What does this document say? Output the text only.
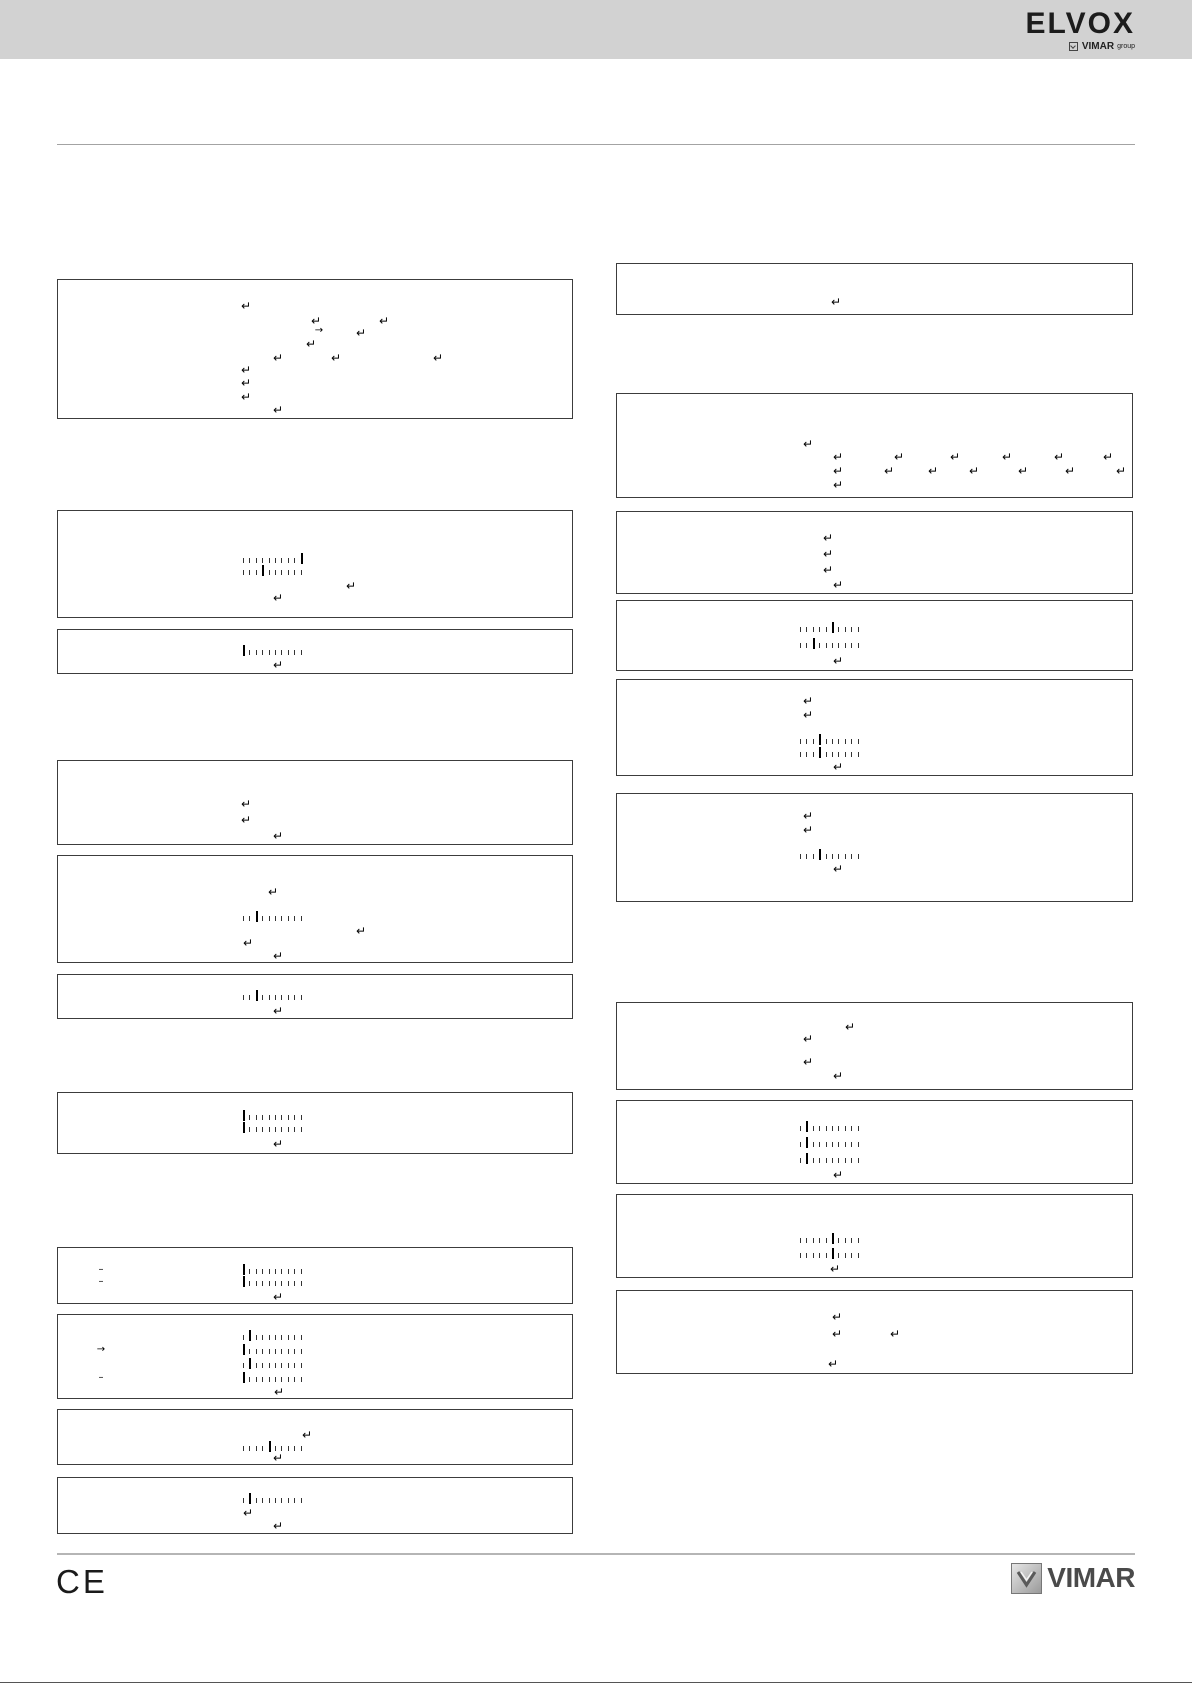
ELVOX
VIMAR group
↵
↵	↵
→	↵
↵
↵	↵	↵
↵
↵
↵
↵
↵
↵
↵
↵
↵
↵
↵
↵
↵
↵
↵
↵
–
–
↵
→
–
↵
↵
↵
↵
↵
↵
↵
↵	↵	↵	↵	↵	↵
↵	↵	↵	↵	↵	↵	↵
↵
↵
↵
↵
↵
↵
↵
↵
↵
↵
↵
↵
↵
↵
↵
↵
↵
↵
↵
↵	↵
↵
CE	VIMAR
